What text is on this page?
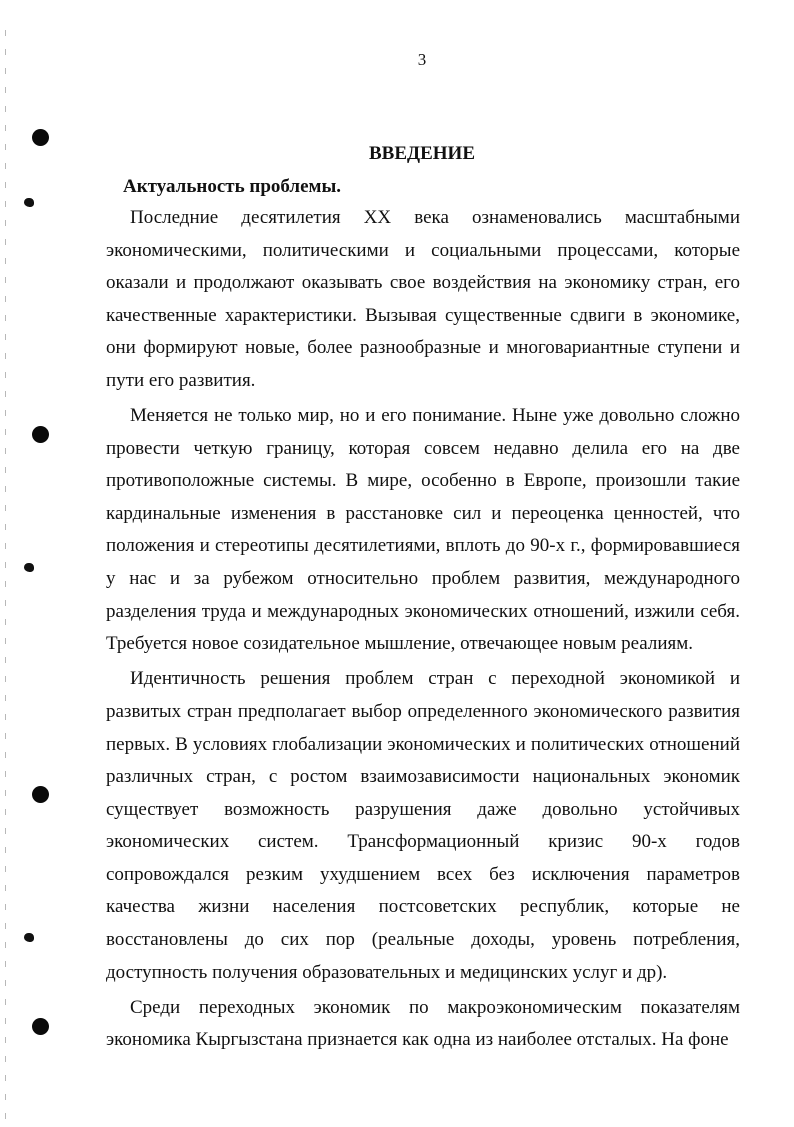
3
ВВЕДЕНИЕ
Актуальность проблемы.

Последние десятилетия XX века ознаменовались масштабными экономическими, политическими и социальными процессами, которые оказали и продолжают оказывать свое воздействия на экономику стран, его качественные характеристики. Вызывая существенные сдвиги в экономике, они формируют новые, более разнообразные и многовариантные ступени и пути его развития.

Меняется не только мир, но и его понимание. Ныне уже довольно сложно провести четкую границу, которая совсем недавно делила его на две противоположные системы. В мире, особенно в Европе, произошли такие кардинальные изменения в расстановке сил и переоценка ценностей, что положения и стереотипы десятилетиями, вплоть до 90-х г., формировавшиеся у нас и за рубежом относительно проблем развития, международного разделения труда и международных экономических отношений, изжили себя. Требуется новое созидательное мышление, отвечающее новым реалиям.

Идентичность решения проблем стран с переходной экономикой и развитых стран предполагает выбор определенного экономического развития первых. В условиях глобализации экономических и политических отношений различных стран, с ростом взаимозависимости национальных экономик существует возможность разрушения даже довольно устойчивых экономических систем. Трансформационный кризис 90-х годов сопровождался резким ухудшением всех без исключения параметров качества жизни населения постсоветских республик, которые не восстановлены до сих пор (реальные доходы, уровень потребления, доступность получения образовательных и медицинских услуг и др).

Среди переходных экономик по макроэкономическим показателям экономика Кыргызстана признается как одна из наиболее отсталых. На фоне
